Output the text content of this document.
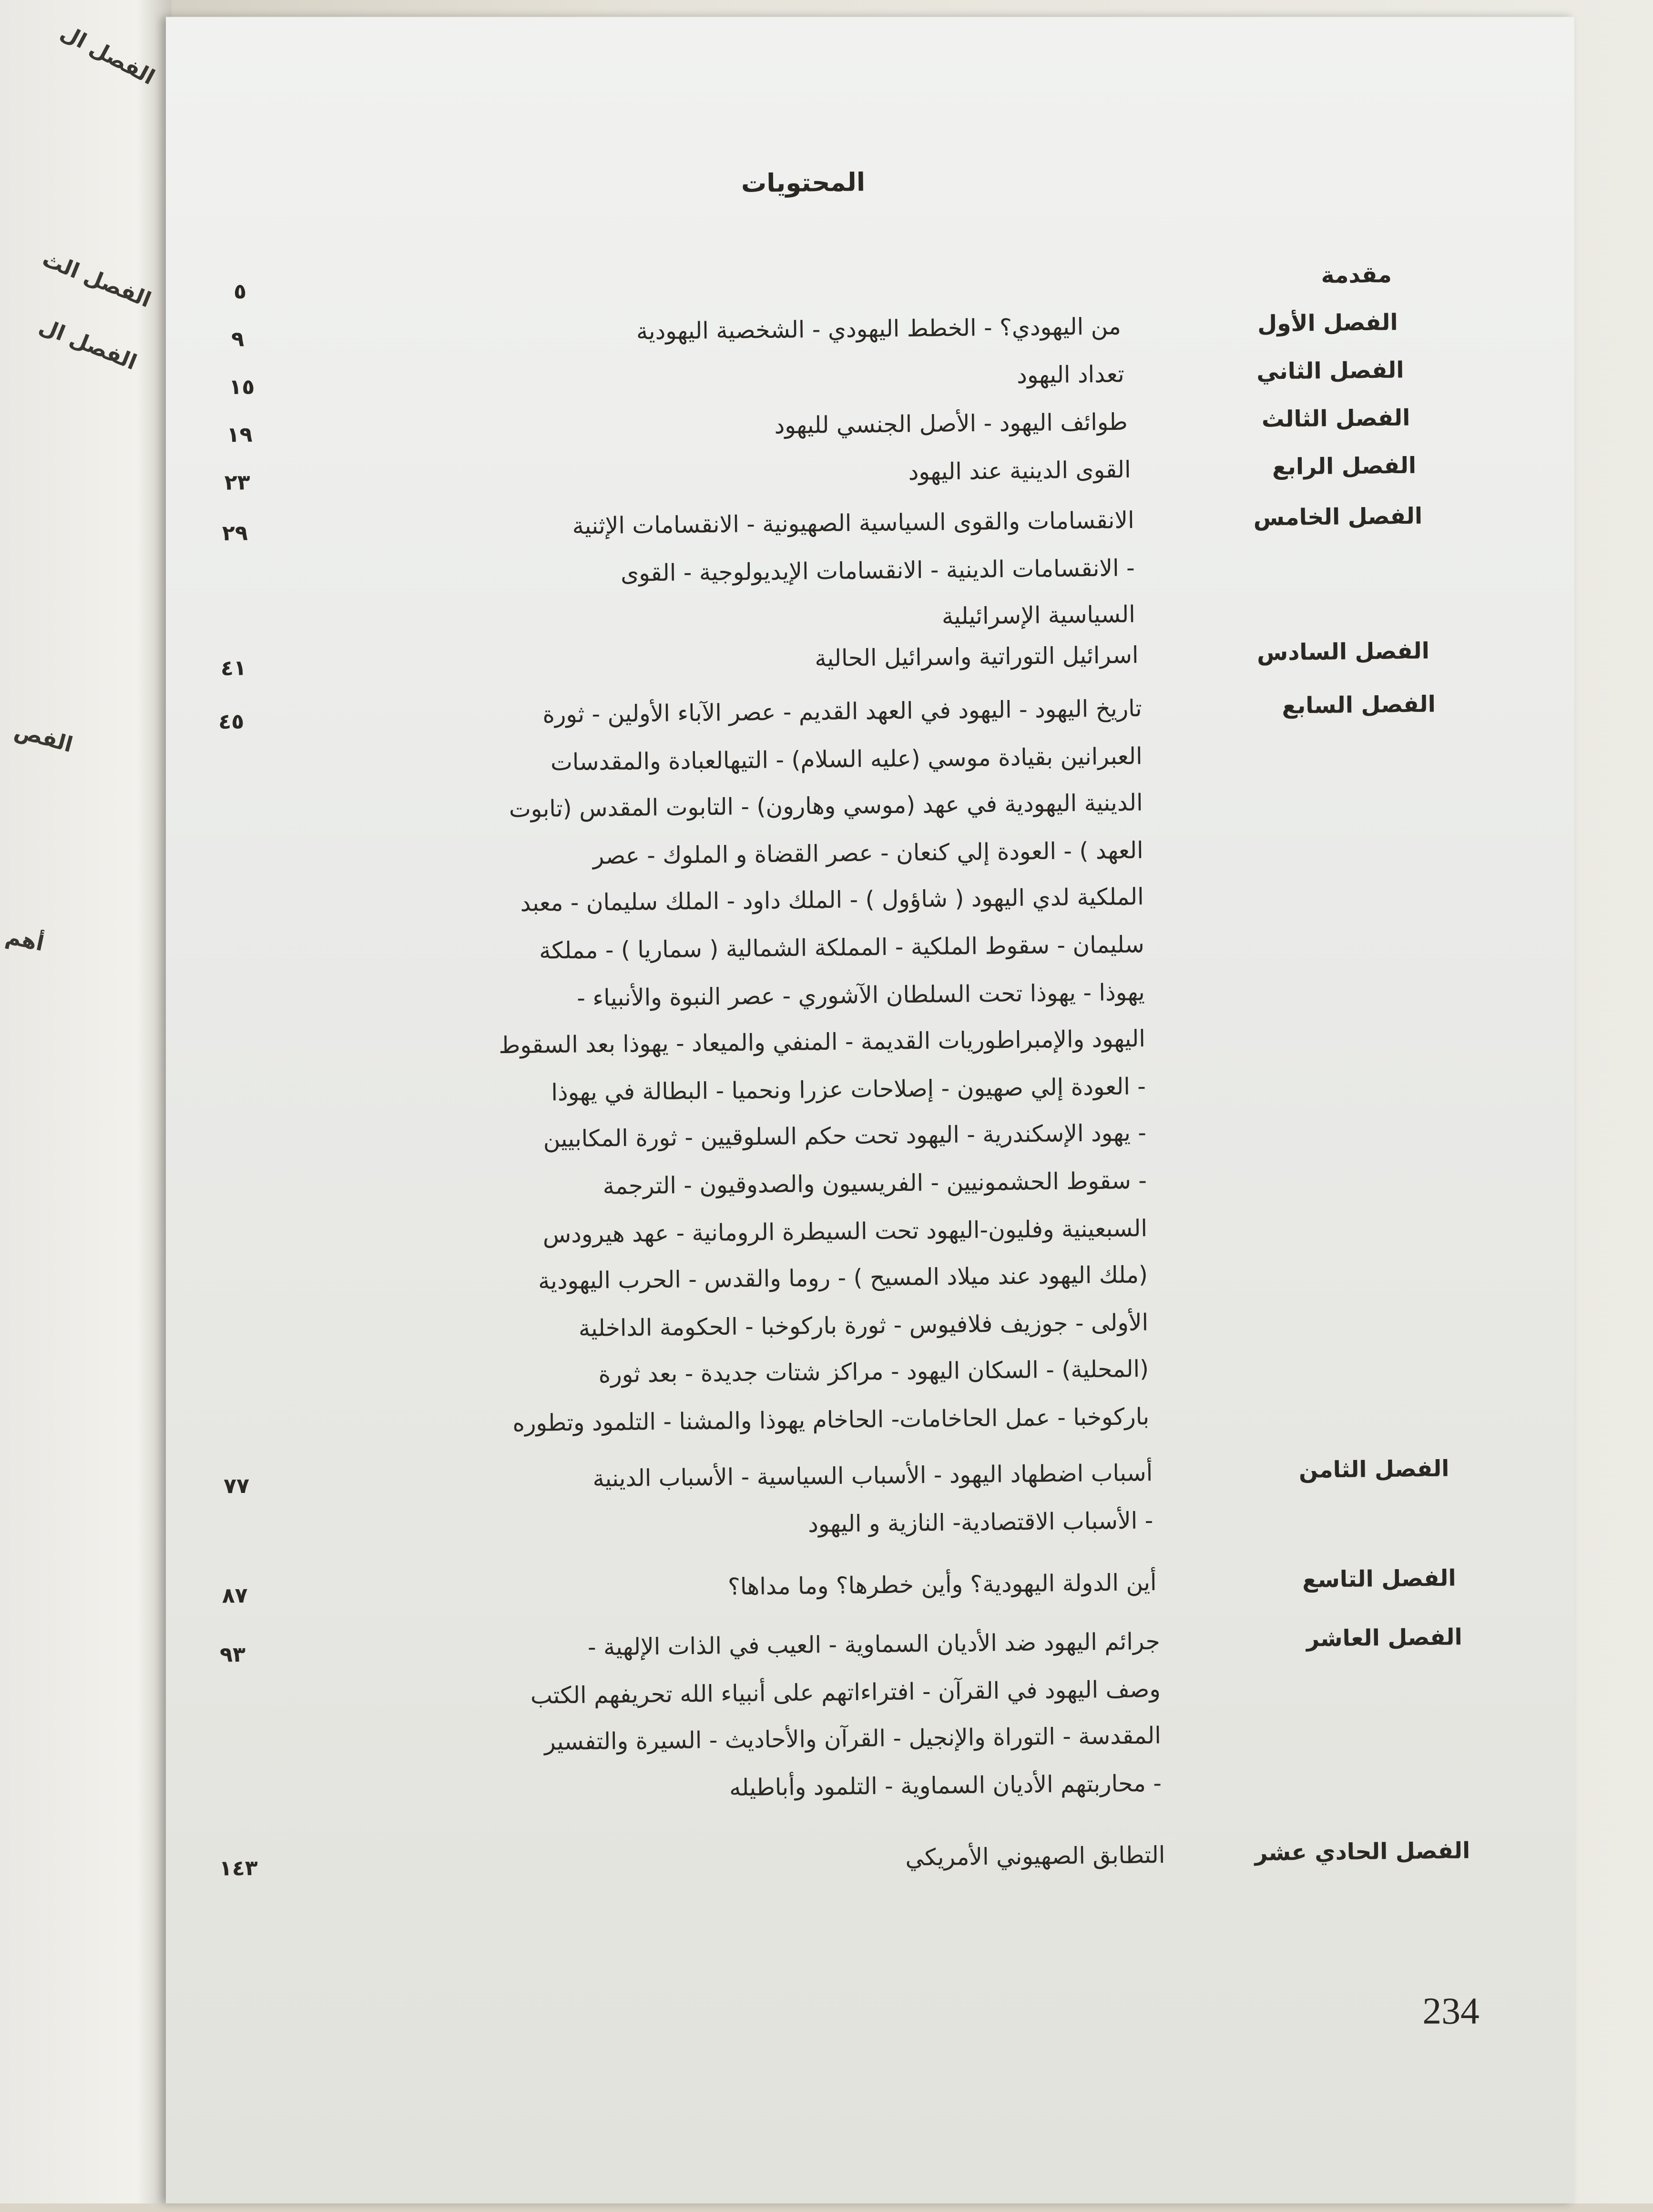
الفصل ال
الفصل الث
الفصل ال
الفص
أهم
المحتويات
مقدمة
٥
الفصل الأول
من اليهودي؟ - الخطط اليهودي - الشخصية اليهودية
٩
الفصل الثاني
تعداد اليهود
١٥
الفصل الثالث
طوائف اليهود - الأصل الجنسي لليهود
١٩
الفصل الرابع
القوى الدينية عند اليهود
٢٣
الفصل الخامس
الانقسامات والقوى السياسية الصهيونية - الانقسامات الإثنية
- الانقسامات الدينية - الانقسامات الإيديولوجية - القوى
السياسية الإسرائيلية
٢٩
الفصل السادس
اسرائيل التوراتية واسرائيل الحالية
٤١
الفصل السابع
تاريخ اليهود - اليهود في العهد القديم - عصر الآباء الأولين - ثورة
العبرانين بقيادة موسي (عليه السلام) - التيهالعبادة والمقدسات
الدينية اليهودية في عهد (موسي وهارون) - التابوت المقدس (تابوت
العهد ) - العودة إلي كنعان - عصر القضاة و الملوك - عصر
الملكية لدي اليهود ( شاؤول ) - الملك داود - الملك سليمان - معبد
سليمان - سقوط الملكية - المملكة الشمالية ( سماريا ) - مملكة
يهوذا - يهوذا تحت السلطان الآشوري - عصر النبوة والأنبياء -
اليهود والإمبراطوريات القديمة - المنفي والميعاد - يهوذا بعد السقوط
- العودة إلي صهيون - إصلاحات عزرا ونحميا - البطالة في يهوذا
- يهود الإسكندرية - اليهود تحت حكم السلوقيين - ثورة المكابيين
- سقوط الحشمونيين - الفريسيون والصدوقيون - الترجمة
السبعينية وفليون-اليهود تحت السيطرة الرومانية - عهد هيرودس
(ملك اليهود عند ميلاد المسيح ) - روما والقدس - الحرب اليهودية
الأولى - جوزيف فلافيوس - ثورة باركوخبا - الحكومة الداخلية
(المحلية) - السكان اليهود - مراكز شتات جديدة - بعد ثورة
باركوخبا - عمل الحاخامات- الحاخام يهوذا والمشنا - التلمود وتطوره
٤٥
الفصل الثامن
أسباب اضطهاد اليهود - الأسباب السياسية - الأسباب الدينية
- الأسباب الاقتصادية- النازية و اليهود
٧٧
الفصل التاسع
أين الدولة اليهودية؟ وأين خطرها؟ وما مداها؟
٨٧
الفصل العاشر
جرائم اليهود ضد الأديان السماوية - العيب في الذات الإلهية -
وصف اليهود في القرآن - افتراءاتهم على أنبياء الله تحريفهم الكتب
المقدسة - التوراة والإنجيل - القرآن والأحاديث - السيرة والتفسير
- محاربتهم الأديان السماوية - التلمود وأباطيله
٩٣
الفصل الحادي عشر
التطابق الصهيوني الأمريكي
١٤٣
234
